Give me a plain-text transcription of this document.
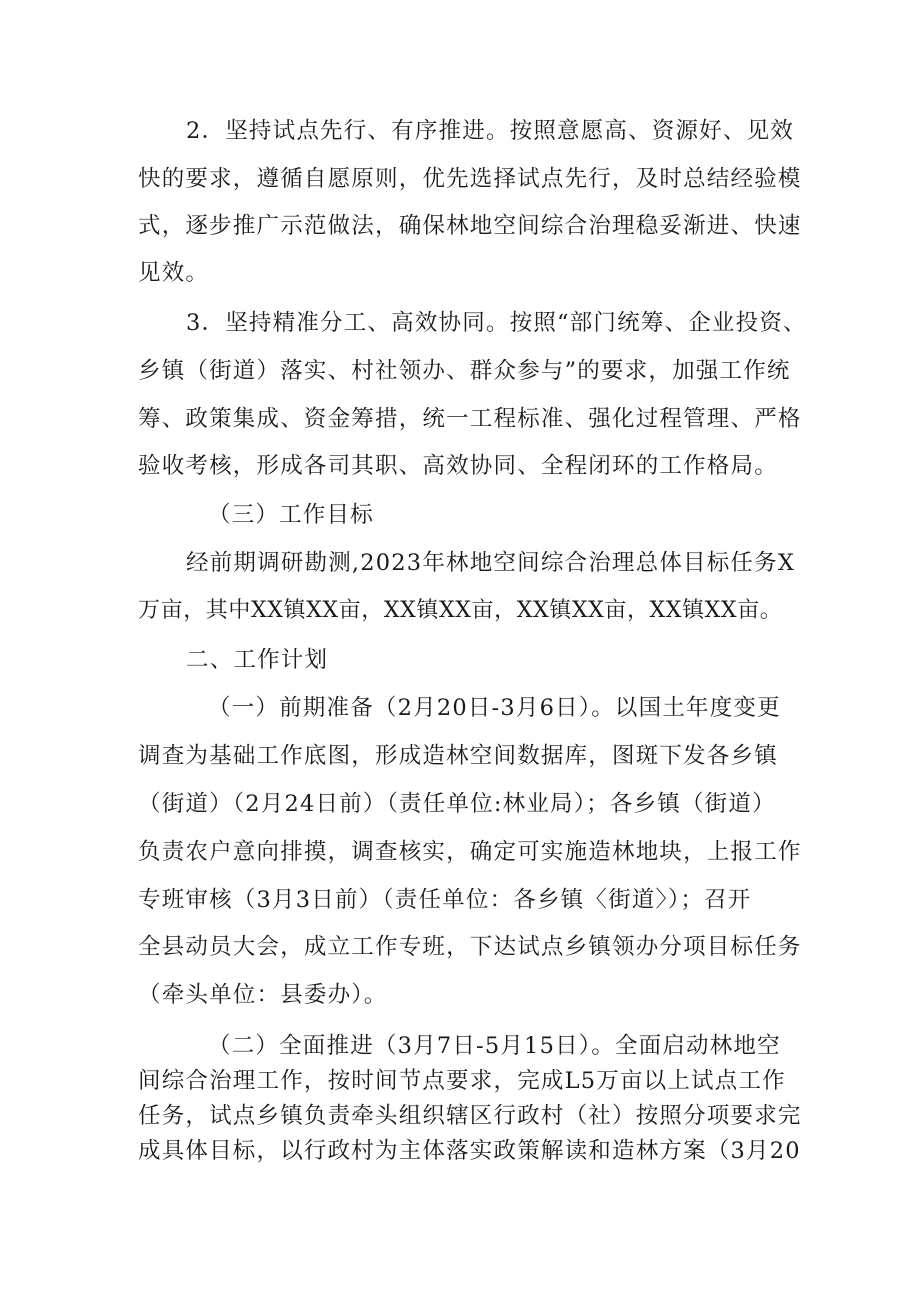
2．坚持试点先行、有序推进。按照意愿高、资源好、见效
快的要求，遵循自愿原则，优先选择试点先行，及时总结经验模
式，逐步推广示范做法，确保林地空间综合治理稳妥渐进、快速
见效。
3．坚持精准分工、高效协同。按照“部门统筹、企业投资、
乡镇（街道）落实、村社领办、群众参与”的要求，加强工作统
筹、政策集成、资金筹措，统一工程标准、强化过程管理、严格
验收考核，形成各司其职、高效协同、全程闭环的工作格局。
（三）工作目标
经前期调研勘测,2023年林地空间综合治理总体目标任务X
万亩，其中XX镇XX亩，XX镇XX亩，XX镇XX亩，XX镇XX亩。
二、工作计划
（一）前期准备（2月20日-3月6日）。以国土年度变更
调查为基础工作底图，形成造林空间数据库，图斑下发各乡镇
（街道）（2月24日前）（责任单位:林业局）；各乡镇（街道）
负责农户意向排摸，调查核实，确定可实施造林地块，上报工作
专班审核（3月3日前）（责任单位：各乡镇〈街道〉）；召开
全县动员大会，成立工作专班，下达试点乡镇领办分项目标任务
（牵头单位：县委办）。
（二）全面推进（3月7日-5月15日）。全面启动林地空
间综合治理工作，按时间节点要求，完成L5万亩以上试点工作
任务，试点乡镇负责牵头组织辖区行政村（社）按照分项要求完
成具体目标，以行政村为主体落实政策解读和造林方案（3月20
